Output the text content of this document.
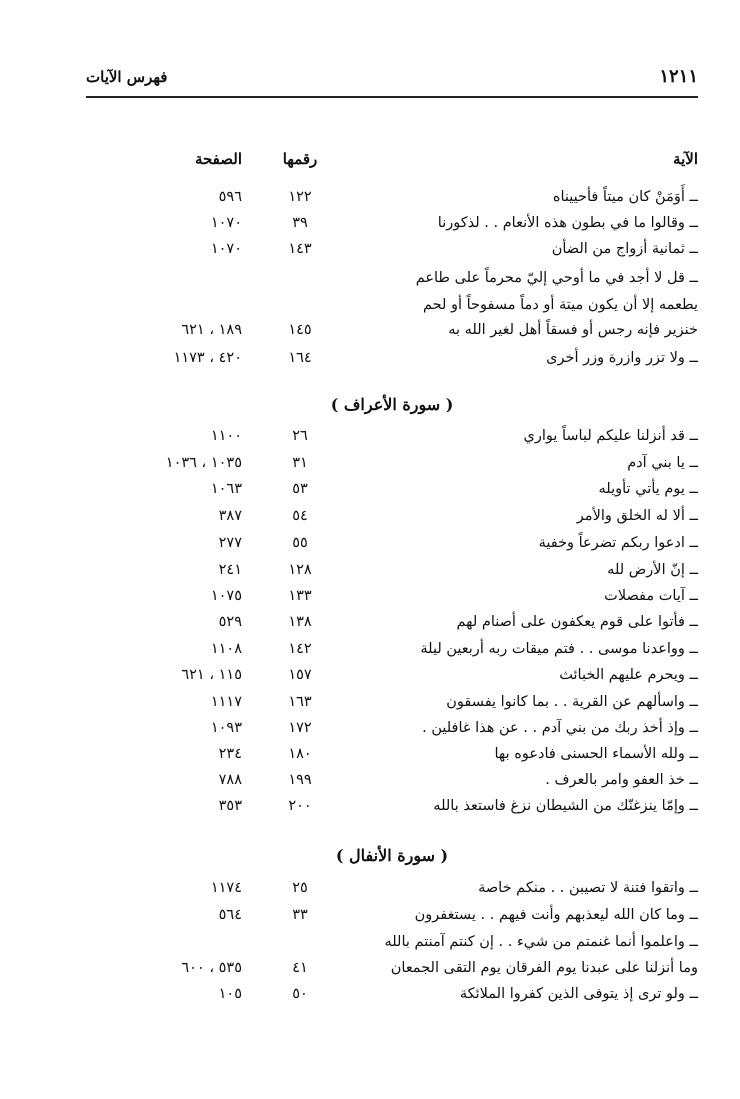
١٢١١
فهرس الآيات
الآية
رقمها
الصفحة
ــ أَوَمَنْ كان ميتاً فأحييناه
١٢٢
٥٩٦
ــ وقالوا ما في بطون هذه الأنعام . . لذكورنا
٣٩
١٠٧٠
ــ ثمانية أزواج من الضأن
١٤٣
١٠٧٠
ــ قل لا أجد في ما أوحي إليّ محرماً على طاعم
يطعمه إلا أن يكون ميتة أو دماً مسفوحاً أو لحم
خنزير فإنه رجس أو فسقاً أهل لغير الله به
١٤٥
١٨٩ ، ٦٢١
ــ ولا تزر وازرة وزر أخرى
١٦٤
٤٢٠ ، ١١٧٣
( سورة الأعراف )
ــ قد أنزلنا عليكم لباساً يواري
٢٦
١١٠٠
ــ يا بني آدم
٣١
١٠٣٥ ، ١٠٣٦
ــ يوم يأتي تأويله
٥٣
١٠٦٣
ــ ألا له الخلق والأمر
٥٤
٣٨٧
ــ ادعوا ربكم تضرعاً وخفية
٥٥
٢٧٧
ــ إنّ الأرض لله
١٢٨
٢٤١
ــ آيات مفصلات
١٣٣
١٠٧٥
ــ فأتوا على قوم يعكفون على أصنام لهم
١٣٨
٥٢٩
ــ وواعدنا موسى . . فتم ميقات ربه أربعين ليلة
١٤٢
١١٠٨
ــ ويحرم عليهم الخبائث
١٥٧
١١٥ ، ٦٢١
ــ واسألهم عن القرية . . بما كانوا يفسقون
١٦٣
١١١٧
ــ وإذ أخذ ربك من بني آدم . . عن هذا غافلين .
١٧٢
١٠٩٣
ــ ولله الأسماء الحسنى فادعوه بها
١٨٠
٢٣٤
ــ خذ العفو وامر بالعرف .
١٩٩
٧٨٨
ــ وإمّا ينزغنّك من الشيطان نزغ فاستعذ بالله
٢٠٠
٣٥٣
( سورة الأنفال )
ــ واتقوا فتنة لا تصيبن . . منكم خاصة
٢٥
١١٧٤
ــ وما كان الله ليعذبهم وأنت فيهم . . يستغفرون
٣٣
٥٦٤
ــ واعلموا أنما غنمتم من شيء . . إن كنتم آمنتم بالله
وما أنزلنا على عبدنا يوم الفرقان يوم التقى الجمعان
٤١
٥٣٥ ، ٦٠٠
ــ ولو ترى إذ يتوفى الذين كفروا الملائكة
٥٠
١٠٥
